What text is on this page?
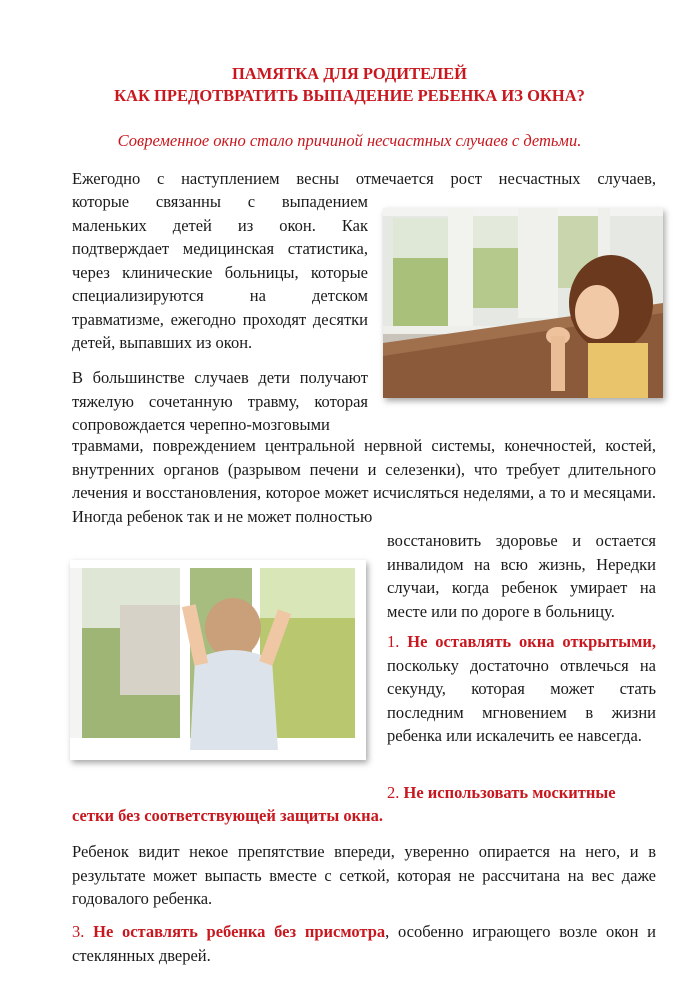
ПАМЯТКА ДЛЯ РОДИТЕЛЕЙ
КАК ПРЕДОТВРАТИТЬ ВЫПАДЕНИЕ РЕБЕНКА ИЗ ОКНА?
Современное окно стало причиной несчастных случаев с детьми.
Ежегодно с наступлением весны отмечается рост несчастных случаев,
которые связанны с выпадением маленьких детей из окон. Как подтверждает медицинская статистика, через клинические больницы, которые специализируются на детском травматизме, ежегодно проходят десятки детей, выпавших из окон.
В большинстве случаев дети получают тяжелую сочетанную травму, которая сопровождается черепно-мозговыми
травмами, повреждением центральной нервной системы, конечностей, костей, внутренних органов (разрывом печени и селезенки), что требует длительного лечения и восстановления, которое может исчисляться неделями, а то и месяцами. Иногда ребенок так и не может полностью
восстановить здоровье и остается инвалидом на всю жизнь, Нередки случаи, когда ребенок умирает на месте или по дороге в больницу.
1. Не оставлять окна открытыми, поскольку достаточно отвлечься на секунду, которая может стать последним мгновением в жизни ребенка или искалечить ее навсегда.
2. Не использовать москитные
сетки без соответствующей защиты окна.
Ребенок видит некое препятствие впереди, уверенно опирается на него, и в результате может выпасть вместе с сеткой, которая не рассчитана на вес даже годовалого ребенка.
3. Не оставлять ребенка без присмотра, особенно играющего возле окон и стеклянных дверей.
